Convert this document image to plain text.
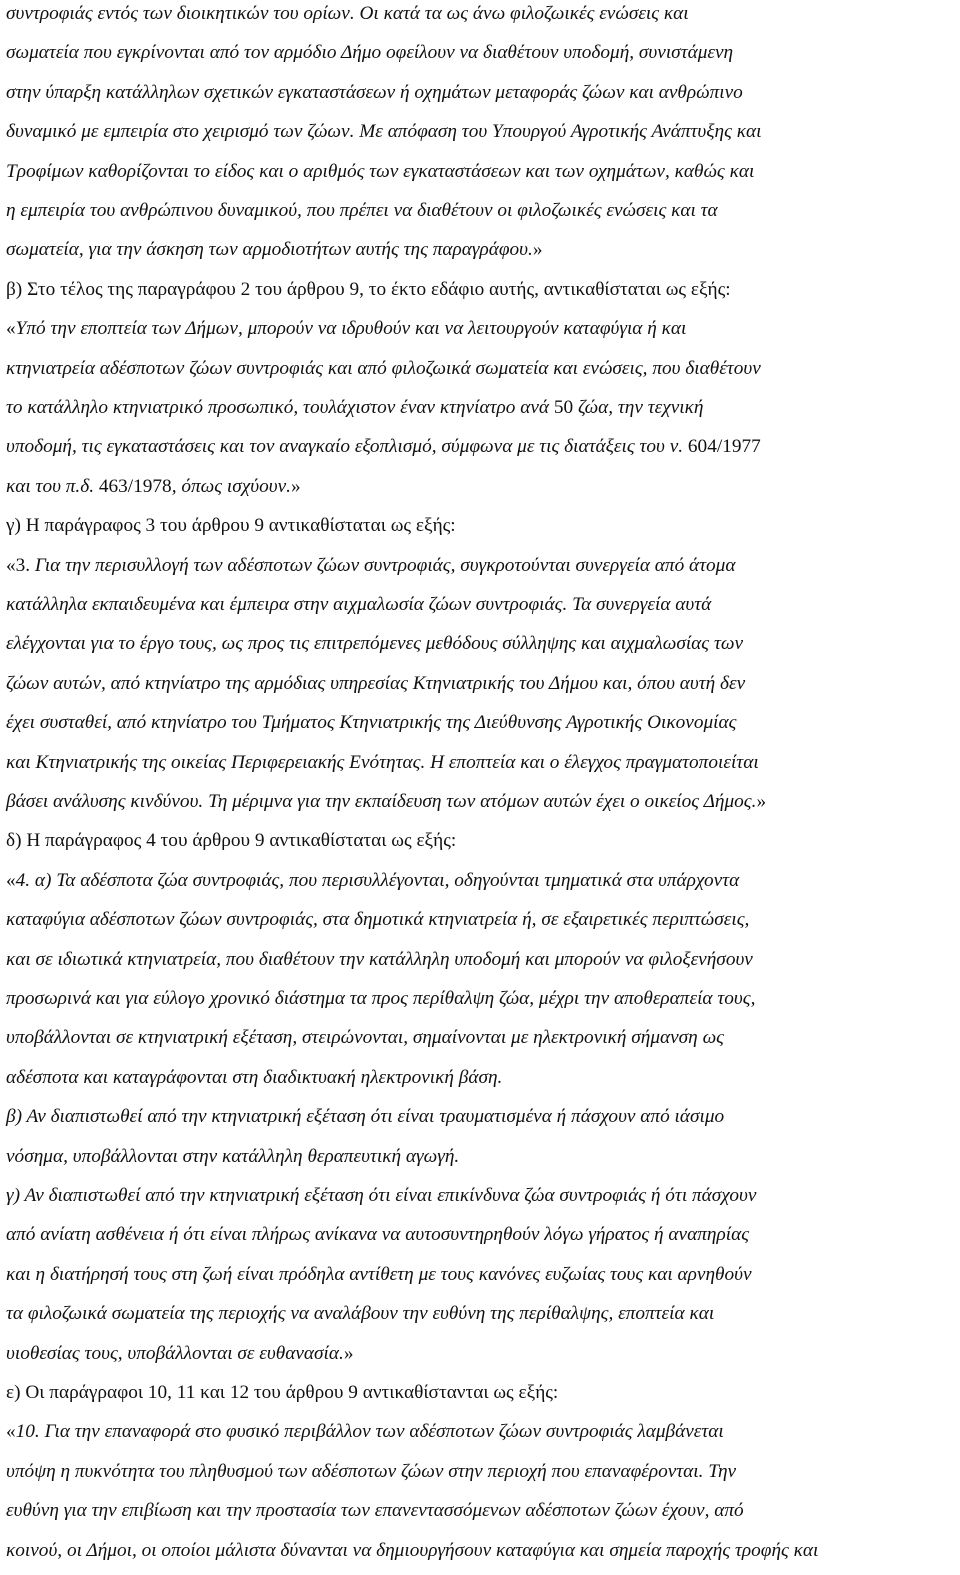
συντροφιάς εντός των διοικητικών του ορίων. Οι κατά τα ως άνω φιλοζωικές ενώσεις και
σωματεία που εγκρίνονται από τον αρμόδιο Δήμο οφείλουν να διαθέτουν υποδομή, συνιστάμενη
στην ύπαρξη κατάλληλων σχετικών εγκαταστάσεων ή οχημάτων μεταφοράς ζώων και ανθρώπινο
δυναμικό με εμπειρία στο χειρισμό των ζώων. Με απόφαση του Υπουργού Αγροτικής Ανάπτυξης και
Τροφίμων καθορίζονται το είδος και ο αριθμός των εγκαταστάσεων και των οχημάτων, καθώς και
η εμπειρία του ανθρώπινου δυναμικού, που πρέπει να διαθέτουν οι φιλοζωικές ενώσεις και τα
σωματεία, για την άσκηση των αρμοδιοτήτων αυτής της παραγράφου.»
β) Στο τέλος της παραγράφου 2 του άρθρου 9, το έκτο εδάφιο αυτής, αντικαθίσταται ως εξής:
«Υπό την εποπτεία των Δήμων, μπορούν να ιδρυθούν και να λειτουργούν καταφύγια ή και
κτηνιατρεία αδέσποτων ζώων συντροφιάς και από φιλοζωικά σωματεία και ενώσεις, που διαθέτουν
το κατάλληλο κτηνιατρικό προσωπικό, τουλάχιστον έναν κτηνίατρο ανά 50 ζώα, την τεχνική
υποδομή, τις εγκαταστάσεις και τον αναγκαίο εξοπλισμό, σύμφωνα με τις διατάξεις του ν. 604/1977
και του π.δ. 463/1978, όπως ισχύουν.»
γ) Η παράγραφος 3 του άρθρου 9 αντικαθίσταται ως εξής:
«3. Για την περισυλλογή των αδέσποτων ζώων συντροφιάς, συγκροτούνται συνεργεία από άτομα
κατάλληλα εκπαιδευμένα και έμπειρα στην αιχμαλωσία ζώων συντροφιάς. Τα συνεργεία αυτά
ελέγχονται για το έργο τους, ως προς τις επιτρεπόμενες μεθόδους σύλληψης και αιχμαλωσίας των
ζώων αυτών, από κτηνίατρο της αρμόδιας υπηρεσίας Κτηνιατρικής του Δήμου και, όπου αυτή δεν
έχει συσταθεί, από κτηνίατρο του Τμήματος Κτηνιατρικής της Διεύθυνσης Αγροτικής Οικονομίας
και Κτηνιατρικής της οικείας Περιφερειακής Ενότητας. Η εποπτεία και ο έλεγχος πραγματοποιείται
βάσει ανάλυσης κινδύνου. Τη μέριμνα για την εκπαίδευση των ατόμων αυτών έχει ο οικείος Δήμος.»
δ) Η παράγραφος 4 του άρθρου 9 αντικαθίσταται ως εξής:
«4. α) Τα αδέσποτα ζώα συντροφιάς, που περισυλλέγονται, οδηγούνται τμηματικά στα υπάρχοντα
καταφύγια αδέσποτων ζώων συντροφιάς, στα δημοτικά κτηνιατρεία ή, σε εξαιρετικές περιπτώσεις,
και σε ιδιωτικά κτηνιατρεία, που διαθέτουν την κατάλληλη υποδομή και μπορούν να φιλοξενήσουν
προσωρινά και για εύλογο χρονικό διάστημα τα προς περίθαλψη ζώα, μέχρι την αποθεραπεία τους,
υποβάλλονται σε κτηνιατρική εξέταση, στειρώνονται, σημαίνονται με ηλεκτρονική σήμανση ως
αδέσποτα και καταγράφονται στη διαδικτυακή ηλεκτρονική βάση.
β) Αν διαπιστωθεί από την κτηνιατρική εξέταση ότι είναι τραυματισμένα ή πάσχουν από ιάσιμο
νόσημα, υποβάλλονται στην κατάλληλη θεραπευτική αγωγή.
γ) Αν διαπιστωθεί από την κτηνιατρική εξέταση ότι είναι επικίνδυνα ζώα συντροφιάς ή ότι πάσχουν
από ανίατη ασθένεια ή ότι είναι πλήρως ανίκανα να αυτοσυντηρηθούν λόγω γήρατος ή αναπηρίας
και η διατήρησή τους στη ζωή είναι πρόδηλα αντίθετη με τους κανόνες ευζωίας τους και αρνηθούν
τα φιλοζωικά σωματεία της περιοχής να αναλάβουν την ευθύνη της περίθαλψης, εποπτεία και
υιοθεσίας τους, υποβάλλονται σε ευθανασία.»
ε) Οι παράγραφοι 10, 11 και 12 του άρθρου 9 αντικαθίστανται ως εξής:
«10. Για την επαναφορά στο φυσικό περιβάλλον των αδέσποτων ζώων συντροφιάς λαμβάνεται
υπόψη η πυκνότητα του πληθυσμού των αδέσποτων ζώων στην περιοχή που επαναφέρονται. Την
ευθύνη για την επιβίωση και την προστασία των επανεντασσόμενων αδέσποτων ζώων έχουν, από
κοινού, οι Δήμοι, οι οποίοι μάλιστα δύνανται να δημιουργήσουν καταφύγια και σημεία παροχής τροφής και
